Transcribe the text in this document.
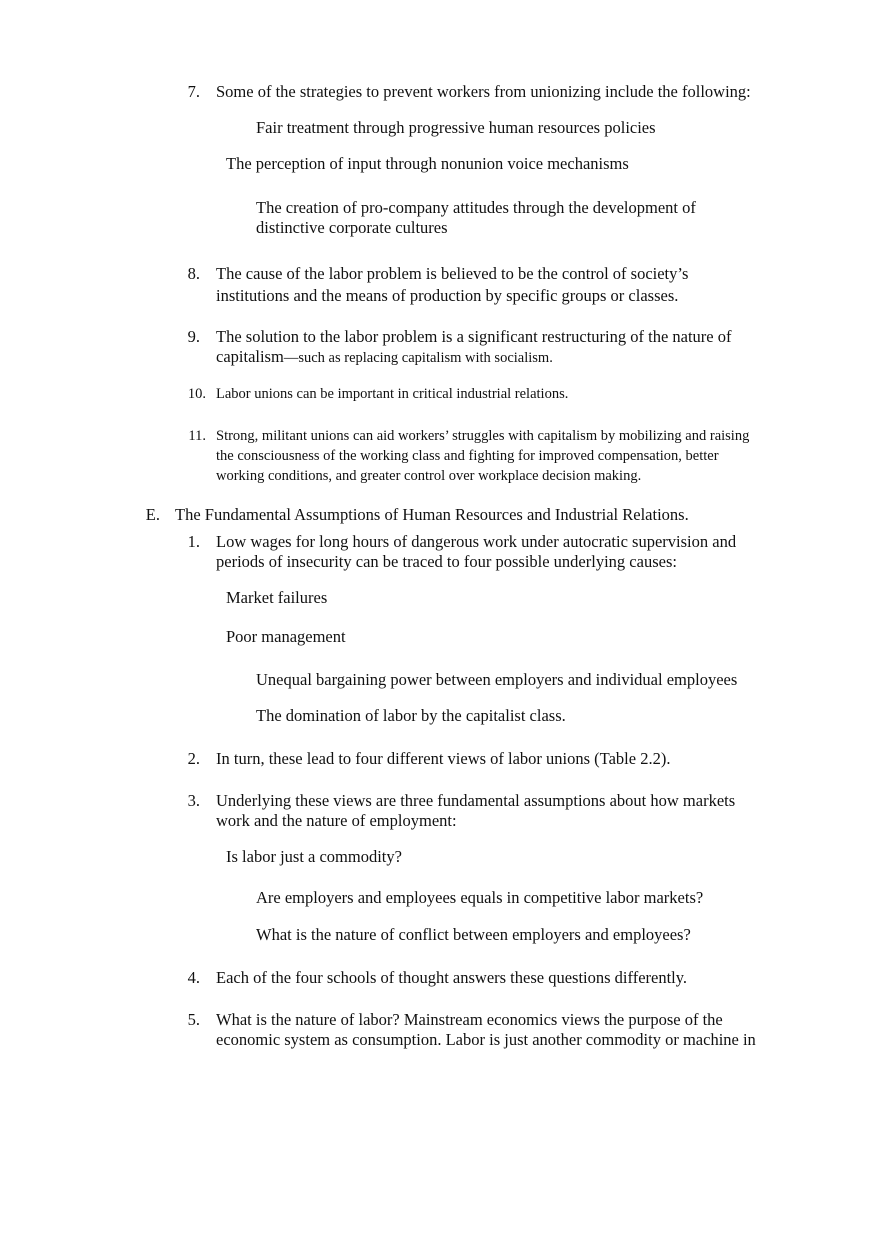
7. Some of the strategies to prevent workers from unionizing include the following:
Fair treatment through progressive human resources policies
The perception of input through nonunion voice mechanisms
The creation of pro-company attitudes through the development of
distinctive corporate cultures
8. The cause of the labor problem is believed to be the control of society’s
institutions and the means of production by specific groups or classes.
9. The solution to the labor problem is a significant restructuring of the nature of
capitalism—such as replacing capitalism with socialism.
10. Labor unions can be important in critical industrial relations.
11. Strong, militant unions can aid workers’ struggles with capitalism by mobilizing and raising
the consciousness of the working class and fighting for improved compensation, better
working conditions, and greater control over workplace decision making.
E. The Fundamental Assumptions of Human Resources and Industrial Relations.
1. Low wages for long hours of dangerous work under autocratic supervision and
periods of insecurity can be traced to four possible underlying causes:
Market failures
Poor management
Unequal bargaining power between employers and individual employees
The domination of labor by the capitalist class.
2. In turn, these lead to four different views of labor unions (Table 2.2).
3. Underlying these views are three fundamental assumptions about how markets
work and the nature of employment:
Is labor just a commodity?
Are employers and employees equals in competitive labor markets?
What is the nature of conflict between employers and employees?
4. Each of the four schools of thought answers these questions differently.
5. What is the nature of labor? Mainstream economics views the purpose of the
economic system as consumption. Labor is just another commodity or machine in
